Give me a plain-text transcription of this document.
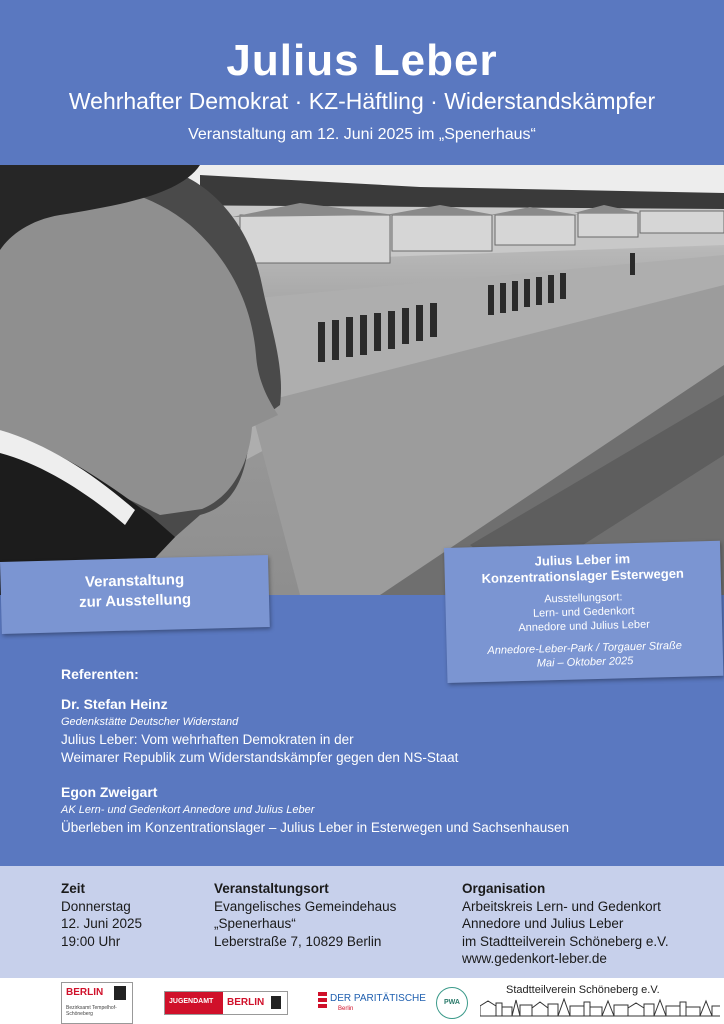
Julius Leber
Wehrhafter Demokrat · KZ-Häftling · Widerstandskämpfer
Veranstaltung am 12. Juni 2025 im „Spenerhaus“
Veranstaltung
zur Ausstellung
Julius Leber im
Konzentrationslager Esterwegen
Ausstellungsort:
Lern- und Gedenkort
Annedore und Julius Leber
Annedore-Leber-Park / Torgauer Straße
Mai – Oktober 2025
Referenten:
Dr. Stefan Heinz
Gedenkstätte Deutscher Widerstand
Julius Leber: Vom wehrhaften Demokraten in der
Weimarer Republik zum Widerstandskämpfer gegen den NS-Staat
Egon Zweigart
AK Lern- und Gedenkort Annedore und Julius Leber
Überleben im Konzentrationslager – Julius Leber in Esterwegen und Sachsenhausen
Zeit
Donnerstag
12. Juni 2025
19:00 Uhr
Veranstaltungsort
Evangelisches Gemeindehaus
„Spenerhaus“
Leberstraße 7, 10829 Berlin
Organisation
Arbeitskreis Lern- und Gedenkort
Annedore und Julius Leber
im Stadtteilverein Schöneberg e.V.
www.gedenkort-leber.de
BERLIN
Bezirksamt Tempelhof-Schöneberg
JUGENDAMT BERLIN	DER PARITÄTISCHE
Berlin
PWA
Stadtteilverein Schöneberg e.V.
